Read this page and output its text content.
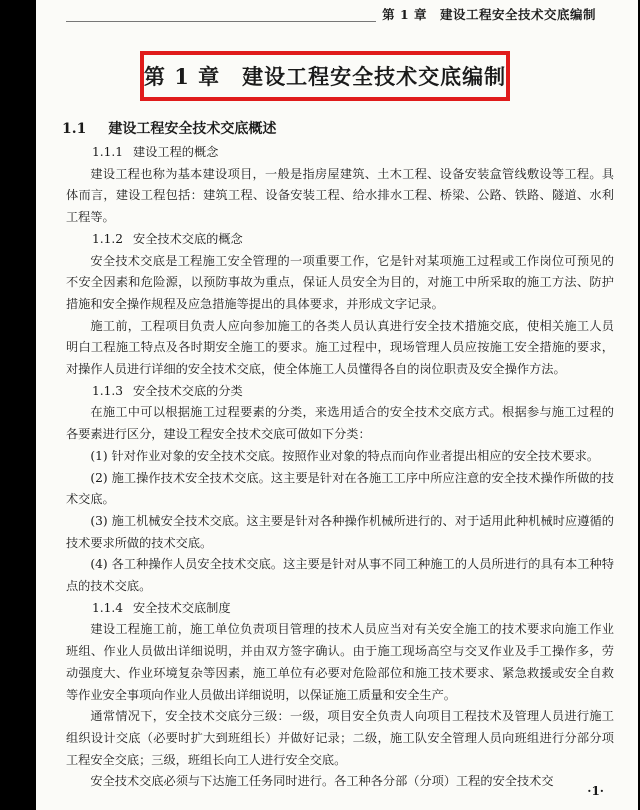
第 1 章　建设工程安全技术交底编制
第 1 章　建设工程安全技术交底编制
1.1 建设工程安全技术交底概述

1.1.1 建设工程的概念

建设工程也称为基本建设项目，一般是指房屋建筑、土木工程、设备安装盒管线敷设等工程。具体而言，建设工程包括：建筑工程、设备安装工程、给水排水工程、桥梁、公路、铁路、隧道、水利工程等。

1.1.2 安全技术交底的概念

安全技术交底是工程施工安全管理的一项重要工作，它是针对某项施工过程或工作岗位可预见的不安全因素和危险源，以预防事故为重点，保证人员安全为目的，对施工中所采取的施工方法、防护措施和安全操作规程及应急措施等提出的具体要求，并形成文字记录。

施工前，工程项目负责人应向参加施工的各类人员认真进行安全技术措施交底，使相关施工人员明白工程施工特点及各时期安全施工的要求。施工过程中，现场管理人员应按施工安全措施的要求，对操作人员进行详细的安全技术交底，使全体施工人员懂得各自的岗位职责及安全操作方法。

1.1.3 安全技术交底的分类

在施工中可以根据施工过程要素的分类，来选用适合的安全技术交底方式。根据参与施工过程的各要素进行区分，建设工程安全技术交底可做如下分类：

(1) 针对作业对象的安全技术交底。按照作业对象的特点而向作业者提出相应的安全技术要求。

(2) 施工操作技术安全技术交底。这主要是针对在各施工工序中所应注意的安全技术操作所做的技术交底。

(3) 施工机械安全技术交底。这主要是针对各种操作机械所进行的、对于适用此种机械时应遵循的技术要求所做的技术交底。

(4) 各工种操作人员安全技术交底。这主要是针对从事不同工种施工的人员所进行的具有本工种特点的技术交底。

1.1.4 安全技术交底制度

建设工程施工前，施工单位负责项目管理的技术人员应当对有关安全施工的技术要求向施工作业班组、作业人员做出详细说明，并由双方签字确认。由于施工现场高空与交叉作业及手工操作多，劳动强度大、作业环境复杂等因素，施工单位有必要对危险部位和施工技术要求、紧急救援或安全自救等作业安全事项向作业人员做出详细说明，以保证施工质量和安全生产。

通常情况下，安全技术交底分三级：一级，项目安全负责人向项目工程技术及管理人员进行施工组织设计交底（必要时扩大到班组长）并做好记录；二级，施工队安全管理人员向班组进行分部分项工程安全交底；三级，班组长向工人进行安全交底。

安全技术交底必须与下达施工任务同时进行。各工种各分部（分项）工程的安全技术交

·1·
